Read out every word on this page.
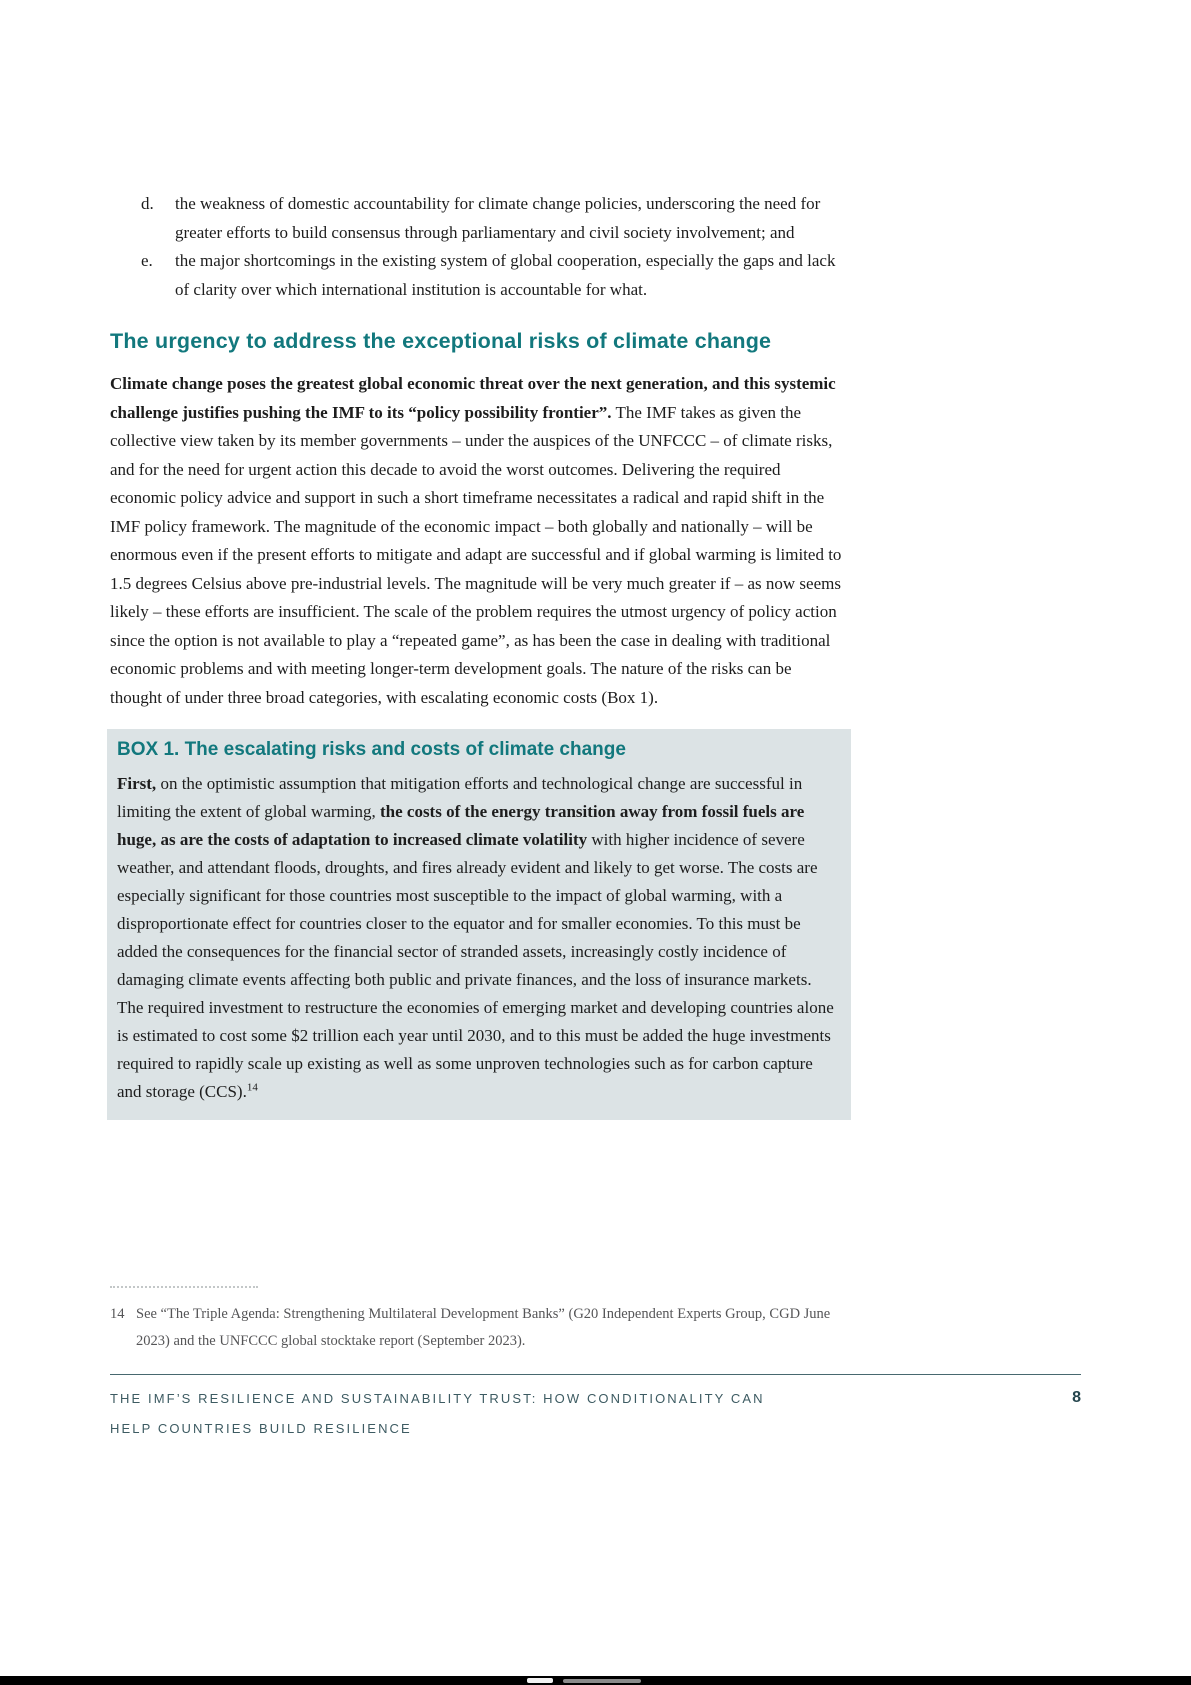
d.	the weakness of domestic accountability for climate change policies, underscoring the need for greater efforts to build consensus through parliamentary and civil society involvement; and
e.	the major shortcomings in the existing system of global cooperation, especially the gaps and lack of clarity over which international institution is accountable for what.
The urgency to address the exceptional risks of climate change

Climate change poses the greatest global economic threat over the next generation, and this systemic challenge justifies pushing the IMF to its “policy possibility frontier”. The IMF takes as given the collective view taken by its member governments – under the auspices of the UNFCCC – of climate risks, and for the need for urgent action this decade to avoid the worst outcomes. Delivering the required economic policy advice and support in such a short timeframe necessitates a radical and rapid shift in the IMF policy framework. The magnitude of the economic impact – both globally and nationally – will be enormous even if the present efforts to mitigate and adapt are successful and if global warming is limited to 1.5 degrees Celsius above pre-industrial levels. The magnitude will be very much greater if – as now seems likely – these efforts are insufficient. The scale of the problem requires the utmost urgency of policy action since the option is not available to play a “repeated game”, as has been the case in dealing with traditional economic problems and with meeting longer-term development goals. The nature of the risks can be thought of under three broad categories, with escalating economic costs (Box 1).

BOX 1. The escalating risks and costs of climate change

First, on the optimistic assumption that mitigation efforts and technological change are successful in limiting the extent of global warming, the costs of the energy transition away from fossil fuels are huge, as are the costs of adaptation to increased climate volatility with higher incidence of severe weather, and attendant floods, droughts, and fires already evident and likely to get worse. The costs are especially significant for those countries most susceptible to the impact of global warming, with a disproportionate effect for countries closer to the equator and for smaller economies. To this must be added the consequences for the financial sector of stranded assets, increasingly costly incidence of damaging climate events affecting both public and private finances, and the loss of insurance markets. The required investment to restructure the economies of emerging market and developing countries alone is estimated to cost some $2 trillion each year until 2030, and to this must be added the huge investments required to rapidly scale up existing as well as some unproven technologies such as for carbon capture and storage (CCS).$^{14}$

14 See “The Triple Agenda: Strengthening Multilateral Development Banks” (G20 Independent Experts Group, CGD June 2023) and the UNFCCC global stocktake report (September 2023).
THE IMF’S RESILIENCE AND SUSTAINABILITY TRUST: HOW CONDITIONALITY CAN
HELP COUNTRIES BUILD RESILIENCE
8
